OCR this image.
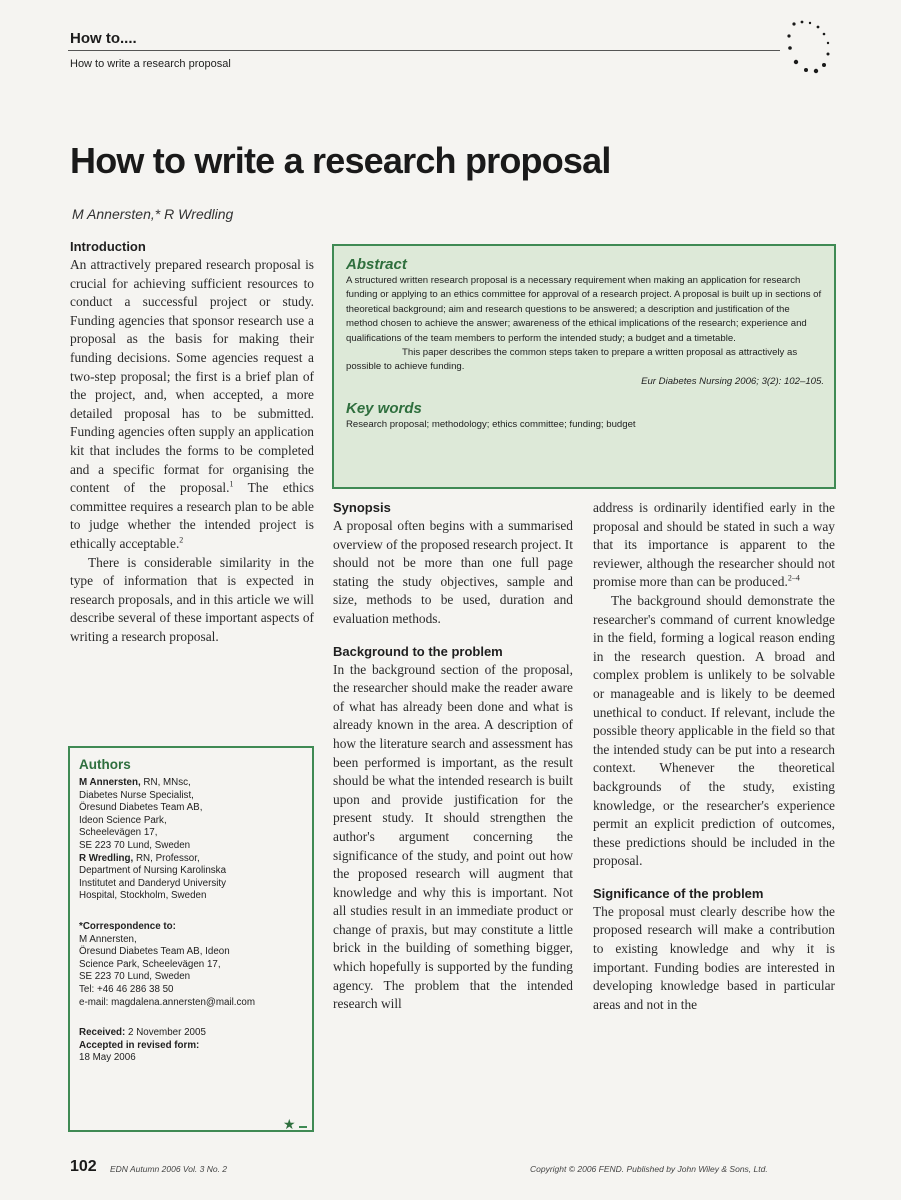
How to....
How to write a research proposal
How to write a research proposal
M Annersten,* R Wredling
Introduction

An attractively prepared research proposal is crucial for achieving sufficient resources to conduct a successful project or study. Funding agencies that sponsor research use a proposal as the basis for making their funding decisions. Some agencies request a two-step proposal; the first is a brief plan of the project, and, when accepted, a more detailed proposal has to be submitted. Funding agencies often supply an application kit that includes the forms to be completed and a specific format for organising the content of the proposal.$^1$ The ethics committee requires a research plan to be able to judge whether the intended project is ethically acceptable.$^2$

There is considerable similarity in the type of information that is expected in research proposals, and in this article we will describe several of these important aspects of writing a research proposal.

Abstract
A structured written research proposal is a necessary requirement when making an application for research funding or applying to an ethics committee for approval of a research project. A proposal is built up in sections of theoretical background; aim and research questions to be answered; a description and justification of the method chosen to achieve the answer; awareness of the ethical implications of the research; experience and qualifications of the team members to perform the intended study; a budget and a timetable.
This paper describes the common steps taken to prepare a written proposal as attractively as possible to achieve funding.
Eur Diabetes Nursing 2006; 3(2): 102–105.
Key words
Research proposal; methodology; ethics committee; funding; budget
Authors
M Annersten, RN, MNsc,
Diabetes Nurse Specialist,
Öresund Diabetes Team AB,
Ideon Science Park,
Scheelevägen 17,
SE 223 70 Lund, Sweden
R Wredling, RN, Professor,
Department of Nursing Karolinska
Institutet and Danderyd University
Hospital, Stockholm, Sweden
*Correspondence to:
M Annersten,
Öresund Diabetes Team AB, Ideon
Science Park, Scheelevägen 17,
SE 223 70 Lund, Sweden
Tel: +46 46 286 38 50
e-mail: magdalena.annersten@mail.com
Received: 2 November 2005
Accepted in revised form:
18 May 2006
★
Synopsis

A proposal often begins with a summarised overview of the proposed research project. It should not be more than one full page stating the study objectives, sample and size, methods to be used, duration and evaluation methods.

Background to the problem

In the background section of the proposal, the researcher should make the reader aware of what has already been done and what is already known in the area. A description of how the literature search and assessment has been performed is important, as the result should be what the intended research is built upon and provide justification for the present study. It should strengthen the author's argument concerning the significance of the study, and point out how the proposed research will augment that knowledge and why this is important. Not all studies result in an immediate product or change of praxis, but may constitute a little brick in the building of something bigger, which hopefully is supported by the funding agency. The problem that the intended research will

address is ordinarily identified early in the proposal and should be stated in such a way that its importance is apparent to the reviewer, although the researcher should not promise more than can be produced.$^{2-4}$

The background should demonstrate the researcher's command of current knowledge in the field, forming a logical reason ending in the research question. A broad and complex problem is unlikely to be solvable or manageable and is likely to be deemed unethical to conduct. If relevant, include the possible theory applicable in the field so that the intended study can be put into a research context. Whenever the theoretical backgrounds of the study, existing knowledge, or the researcher's experience permit an explicit prediction of outcomes, these predictions should be included in the proposal.

Significance of the problem

The proposal must clearly describe how the proposed research will make a contribution to existing knowledge and why it is important. Funding bodies are interested in developing knowledge based in particular areas and not in the

102 EDN Autumn 2006 Vol. 3 No. 2	Copyright © 2006 FEND. Published by John Wiley & Sons, Ltd.
